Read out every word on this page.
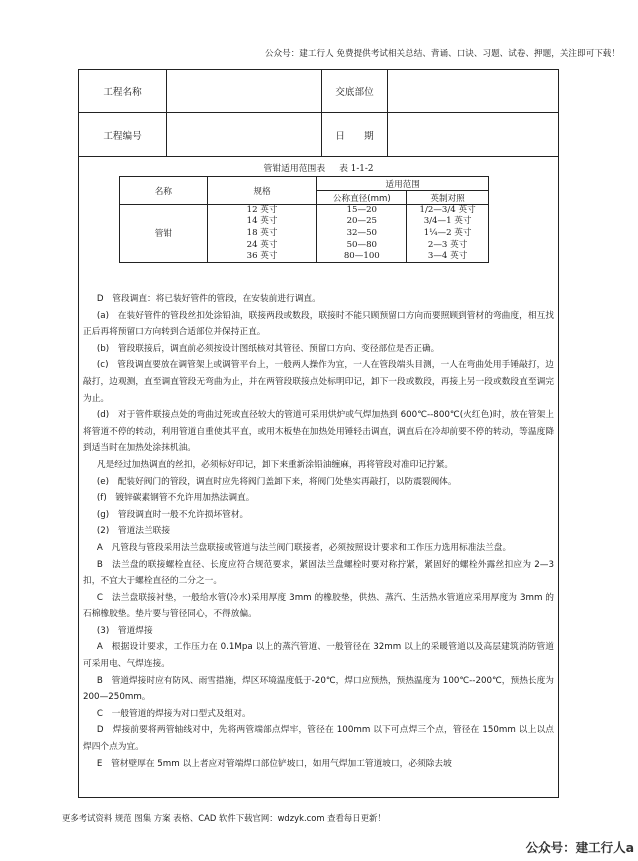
公众号：建工行人 免费提供考试相关总结、背诵、口诀、习题、试卷、押题，关注即可下载！
工程名称	交底部位
工程编号	日　　期
管钳适用范围表 表 1-1-2
名称	规格	适用范围	
		公称直径(mm)	英制对照
管钳	12 英寸	15—20	1/2—3/4 英寸
	14 英寸	20—25	3/4—1 英寸
	18 英寸	32—50	1¹⁄₄—2 英寸
	24 英寸	50—80	2—3 英寸
	36 英寸	80—100	3—4 英寸

D　管段调直：将已装好管件的管段，在安装前进行调直。

(a)　在装好管件的管段丝扣处涂铅油，联接两段或数段，联接时不能只顾预留口方向而要照顾到管材的弯曲度，相互找正后再将预留口方向转到合适部位并保持正直。

(b)　管段联接后，调直前必须按设计图纸核对其管径、预留口方向、变径部位是否正确。

(c)　管段调直要放在调管架上或调管平台上，一般两人操作为宜，一人在管段端头目测，一人在弯曲处用手锤敲打，边敲打，边观测，直至调直管段无弯曲为止，并在两管段联接点处标明印记，卸下一段或数段，再接上另一段或数段直至调完为止。

(d)　对于管件联接点处的弯曲过死或直径较大的管道可采用烘炉或气焊加热到 600℃--800℃(火红色)时，放在管架上将管道不停的转动，利用管道自重使其平直，或用木板垫在加热处用锤轻击调直，调直后在冷却前要不停的转动，等温度降到适当时在加热处涂抹机油。

凡是经过加热调直的丝扣，必须标好印记，卸下来重新涂铅油缠麻，再将管段对准印记拧紧。

(e)　配装好阀门的管段，调直时应先将阀门盖卸下来，将阀门处垫实再敲打，以防震裂阀体。

(f)　镀锌碳素钢管不允许用加热法调直。

(g)　管段调直时一般不允许损坏管材。

(2)　管道法兰联接

A　凡管段与管段采用法兰盘联接或管道与法兰阀门联接者，必须按照设计要求和工作压力选用标准法兰盘。

B　法兰盘的联接螺栓直径、长度应符合规范要求，紧固法兰盘螺栓时要对称拧紧，紧固好的螺栓外露丝扣应为 2—3 扣，不宜大于螺栓直径的二分之一。

C　法兰盘联接衬垫，一般给水管(冷水)采用厚度 3mm 的橡胶垫，供热、蒸汽、生活热水管道应采用厚度为 3mm 的石棉橡胶垫。垫片要与管径同心，不得放偏。

(3)　管道焊接

A　根据设计要求，工作压力在 0.1Mpa 以上的蒸汽管道、一般管径在 32mm 以上的采暖管道以及高层建筑消防管道可采用电、气焊连接。

B　管道焊接时应有防风、雨雪措施，焊区环境温度低于-20℃，焊口应预热，预热温度为 100℃--200℃，预热长度为 200—250mm。

C　一般管道的焊接为对口型式及组对。

D　焊接前要将两管轴线对中，先将两管端部点焊牢，管径在 100mm 以下可点焊三个点，管径在 150mm 以上以点焊四个点为宜。

E　管材壁厚在 5mm 以上者应对管端焊口部位铲坡口，如用气焊加工管道坡口，必须除去坡

更多考试资料 规范 图集 方案 表格、CAD 软件下载官网：wdzyk.com 查看每日更新！
公众号：建工行人a
